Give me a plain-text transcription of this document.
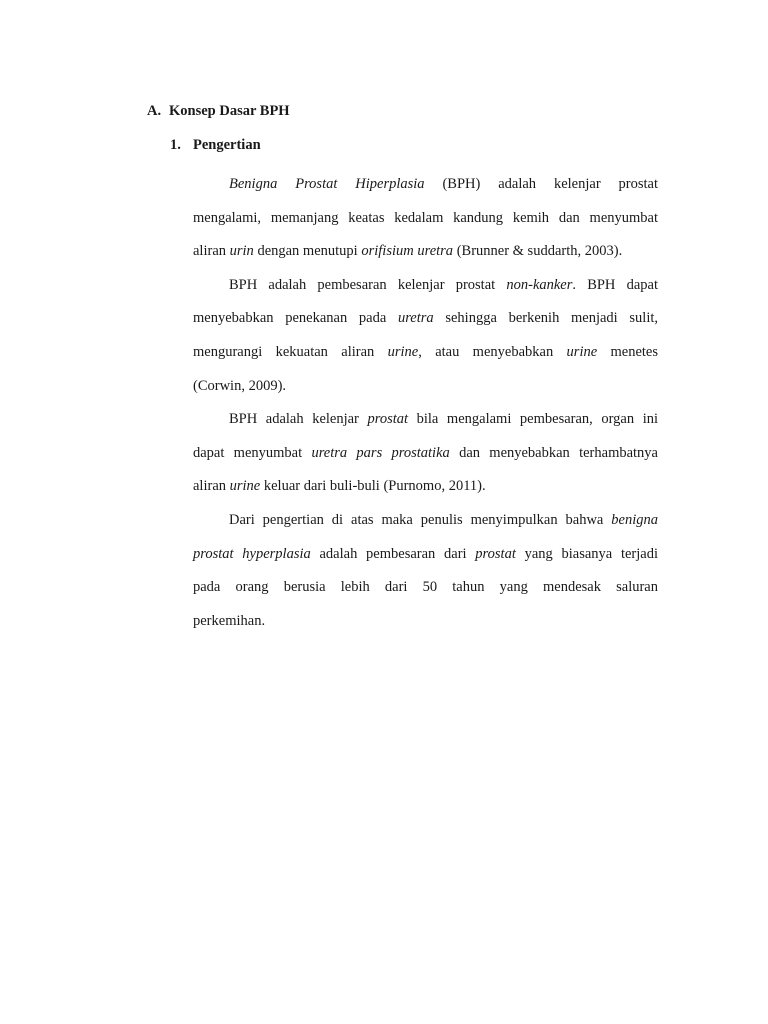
A. Konsep Dasar BPH
1. Pengertian
Benigna Prostat Hiperplasia (BPH) adalah kelenjar prostat
mengalami, memanjang keatas kedalam kandung kemih dan menyumbat
aliran urin dengan menutupi orifisium uretra (Brunner & suddarth, 2003).
BPH adalah pembesaran kelenjar prostat non-kanker. BPH dapat
menyebabkan penekanan pada uretra sehingga berkenih menjadi sulit,
mengurangi kekuatan aliran urine, atau menyebabkan urine menetes
(Corwin, 2009).
BPH adalah kelenjar prostat bila mengalami pembesaran, organ ini
dapat menyumbat uretra pars prostatika dan menyebabkan terhambatnya
aliran urine keluar dari buli-buli (Purnomo, 2011).
Dari pengertian di atas maka penulis menyimpulkan bahwa benigna
prostat hyperplasia adalah pembesaran dari prostat yang biasanya terjadi
pada orang berusia lebih dari 50 tahun yang mendesak saluran
perkemihan.
